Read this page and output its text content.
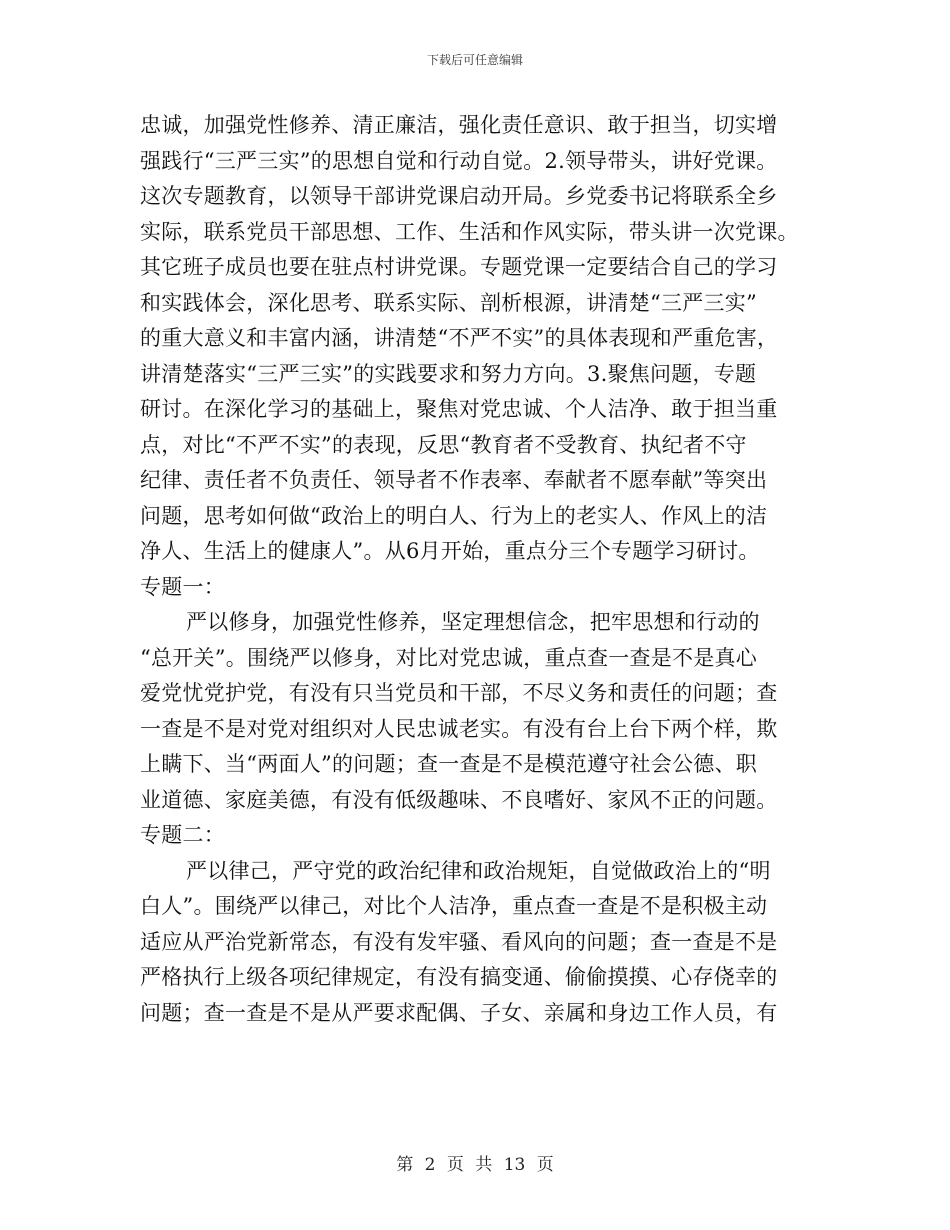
下载后可任意编辑
忠诚，加强党性修养、清正廉洁，强化责任意识、敢于担当，切实增
强践行“三严三实”的思想自觉和行动自觉。2.领导带头，讲好党课。
这次专题教育，以领导干部讲党课启动开局。乡党委书记将联系全乡
实际，联系党员干部思想、工作、生活和作风实际，带头讲一次党课。
其它班子成员也要在驻点村讲党课。专题党课一定要结合自己的学习
和实践体会，深化思考、联系实际、剖析根源，讲清楚“三严三实”
的重大意义和丰富内涵，讲清楚“不严不实”的具体表现和严重危害，
讲清楚落实“三严三实”的实践要求和努力方向。3.聚焦问题，专题
研讨。在深化学习的基础上，聚焦对党忠诚、个人洁净、敢于担当重
点，对比“不严不实”的表现，反思“教育者不受教育、执纪者不守
纪律、责任者不负责任、领导者不作表率、奉献者不愿奉献”等突出
问题，思考如何做“政治上的明白人、行为上的老实人、作风上的洁
净人、生活上的健康人”。从6月开始，重点分三个专题学习研讨。
专题一：
严以修身，加强党性修养，坚定理想信念，把牢思想和行动的
“总开关”。围绕严以修身，对比对党忠诚，重点查一查是不是真心
爱党忧党护党，有没有只当党员和干部，不尽义务和责任的问题；查
一查是不是对党对组织对人民忠诚老实。有没有台上台下两个样，欺
上瞒下、当“两面人”的问题；查一查是不是模范遵守社会公德、职
业道德、家庭美德，有没有低级趣味、不良嗜好、家风不正的问题。
专题二：
严以律己，严守党的政治纪律和政治规矩，自觉做政治上的“明
白人”。围绕严以律己，对比个人洁净，重点查一查是不是积极主动
适应从严治党新常态，有没有发牢骚、看风向的问题；查一查是不是
严格执行上级各项纪律规定，有没有搞变通、偷偷摸摸、心存侥幸的
问题；查一查是不是从严要求配偶、子女、亲属和身边工作人员，有
第 2 页 共 13 页
